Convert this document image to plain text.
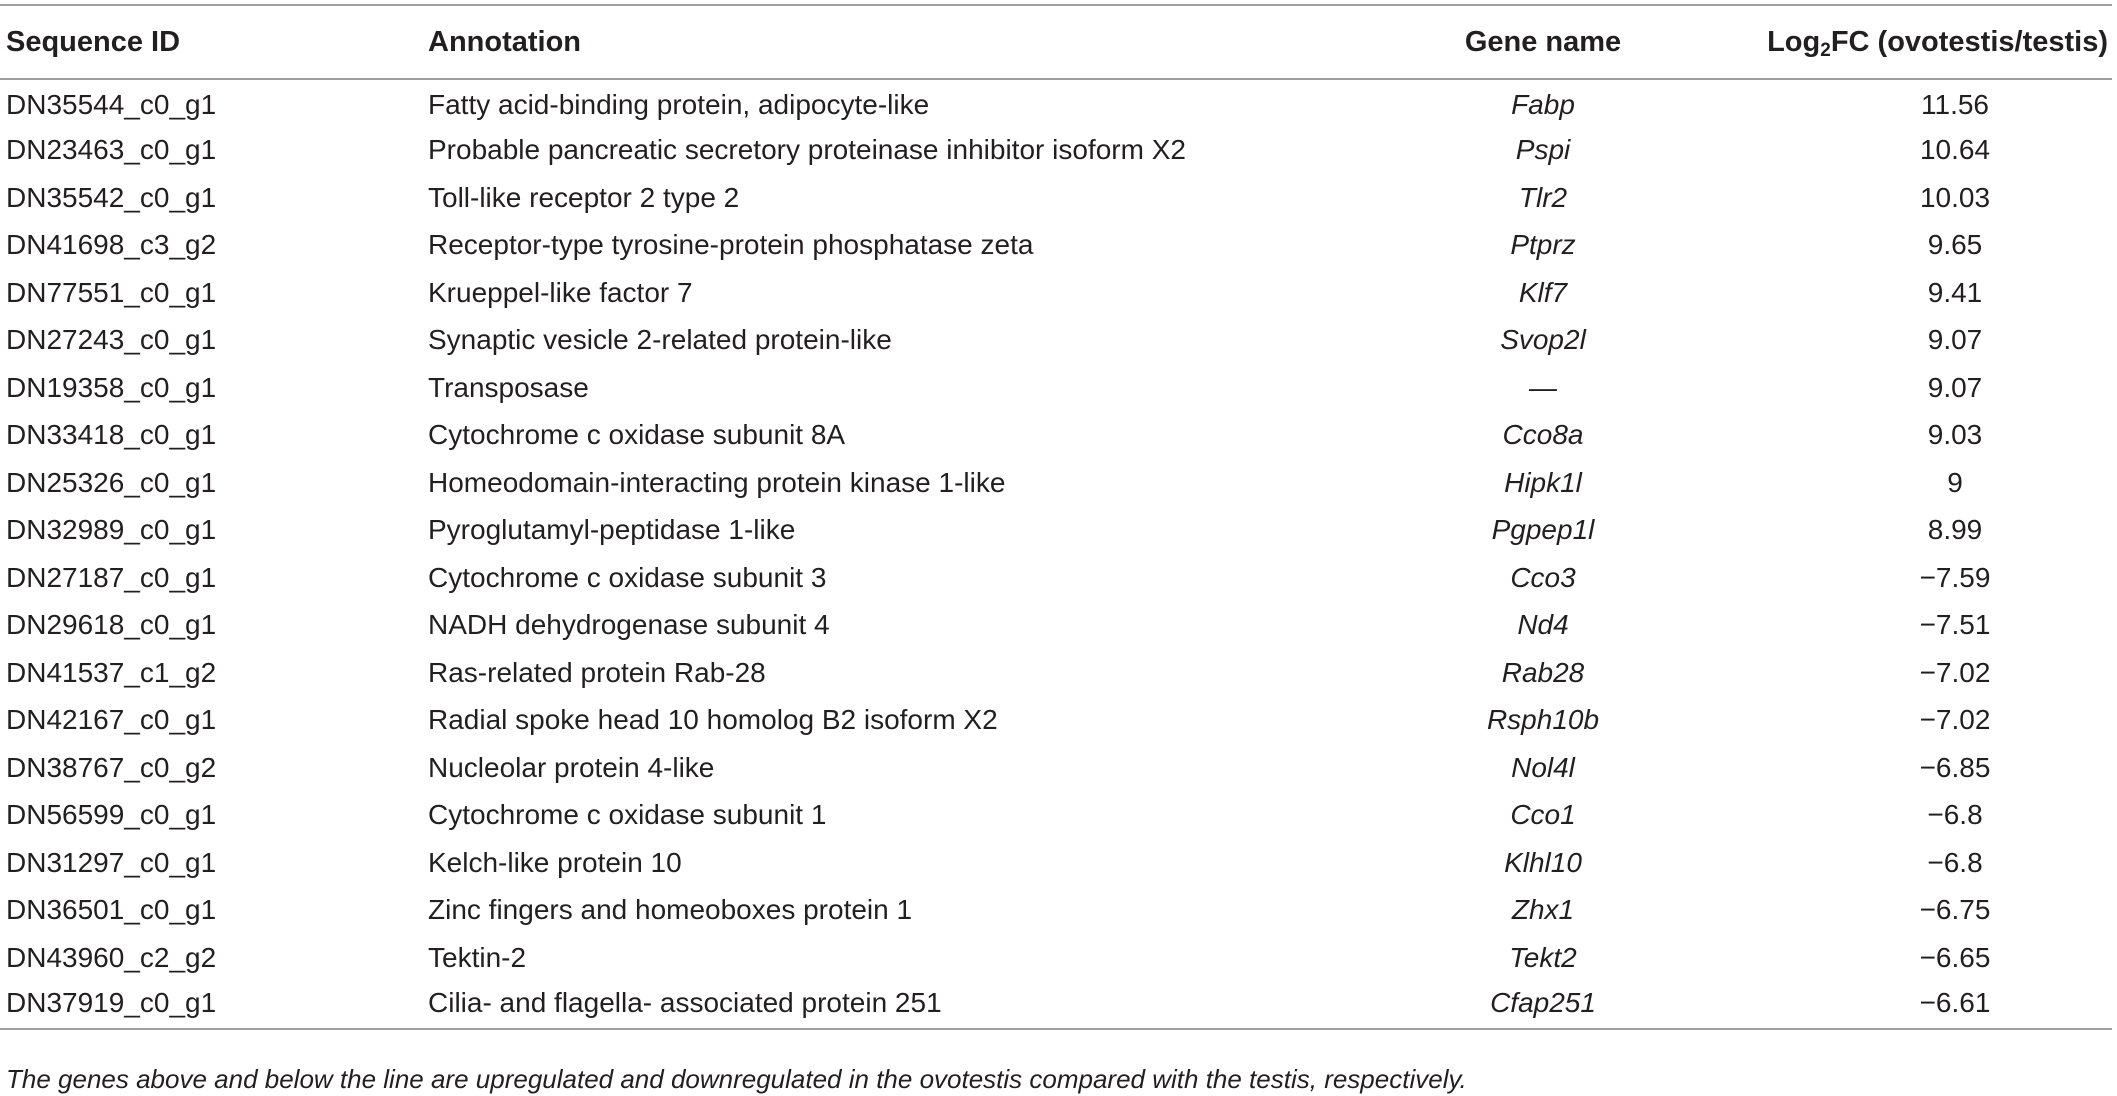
Sequence ID	Annotation	Gene name	Log$_2$FC (ovotestis/testis)
DN35544_c0_g1	Fatty acid-binding protein, adipocyte-like	Fabp	11.56
DN23463_c0_g1	Probable pancreatic secretory proteinase inhibitor isoform X2	Pspi	10.64
DN35542_c0_g1	Toll-like receptor 2 type 2	Tlr2	10.03
DN41698_c3_g2	Receptor-type tyrosine-protein phosphatase zeta	Ptprz	9.65
DN77551_c0_g1	Krueppel-like factor 7	Klf7	9.41
DN27243_c0_g1	Synaptic vesicle 2-related protein-like	Svop2l	9.07
DN19358_c0_g1	Transposase	—	9.07
DN33418_c0_g1	Cytochrome c oxidase subunit 8A	Cco8a	9.03
DN25326_c0_g1	Homeodomain-interacting protein kinase 1-like	Hipk1l	9
DN32989_c0_g1	Pyroglutamyl-peptidase 1-like	Pgpep1l	8.99
DN27187_c0_g1	Cytochrome c oxidase subunit 3	Cco3	−7.59
DN29618_c0_g1	NADH dehydrogenase subunit 4	Nd4	−7.51
DN41537_c1_g2	Ras-related protein Rab-28	Rab28	−7.02
DN42167_c0_g1	Radial spoke head 10 homolog B2 isoform X2	Rsph10b	−7.02
DN38767_c0_g2	Nucleolar protein 4-like	Nol4l	−6.85
DN56599_c0_g1	Cytochrome c oxidase subunit 1	Cco1	−6.8
DN31297_c0_g1	Kelch-like protein 10	Klhl10	−6.8
DN36501_c0_g1	Zinc fingers and homeoboxes protein 1	Zhx1	−6.75
DN43960_c2_g2	Tektin-2	Tekt2	−6.65
DN37919_c0_g1	Cilia- and flagella- associated protein 251	Cfap251	−6.61
The genes above and below the line are upregulated and downregulated in the ovotestis compared with the testis, respectively.
